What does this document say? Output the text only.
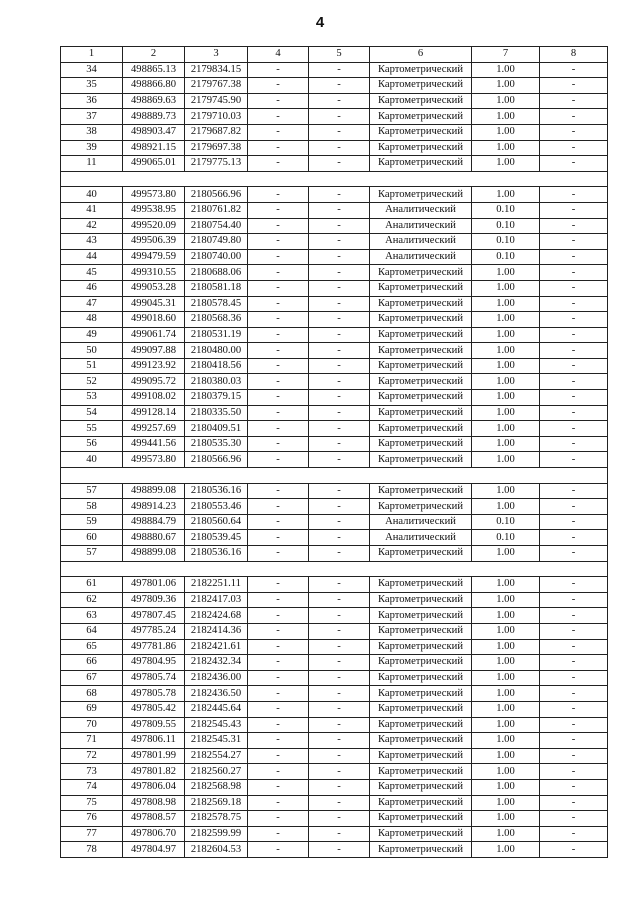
4
1	2	3	4	5	6	7	8
34	498865.13	2179834.15	-	-	Картометрический	1.00	-
35	498866.80	2179767.38	-	-	Картометрический	1.00	-
36	498869.63	2179745.90	-	-	Картометрический	1.00	-
37	498889.73	2179710.03	-	-	Картометрический	1.00	-
38	498903.47	2179687.82	-	-	Картометрический	1.00	-
39	498921.15	2179697.38	-	-	Картометрический	1.00	-
11	499065.01	2179775.13	-	-	Картометрический	1.00	-

40	499573.80	2180566.96	-	-	Картометрический	1.00	-
41	499538.95	2180761.82	-	-	Аналитический	0.10	-
42	499520.09	2180754.40	-	-	Аналитический	0.10	-
43	499506.39	2180749.80	-	-	Аналитический	0.10	-
44	499479.59	2180740.00	-	-	Аналитический	0.10	-
45	499310.55	2180688.06	-	-	Картометрический	1.00	-
46	499053.28	2180581.18	-	-	Картометрический	1.00	-
47	499045.31	2180578.45	-	-	Картометрический	1.00	-
48	499018.60	2180568.36	-	-	Картометрический	1.00	-
49	499061.74	2180531.19	-	-	Картометрический	1.00	-
50	499097.88	2180480.00	-	-	Картометрический	1.00	-
51	499123.92	2180418.56	-	-	Картометрический	1.00	-
52	499095.72	2180380.03	-	-	Картометрический	1.00	-
53	499108.02	2180379.15	-	-	Картометрический	1.00	-
54	499128.14	2180335.50	-	-	Картометрический	1.00	-
55	499257.69	2180409.51	-	-	Картометрический	1.00	-
56	499441.56	2180535.30	-	-	Картометрический	1.00	-
40	499573.80	2180566.96	-	-	Картометрический	1.00	-

57	498899.08	2180536.16	-	-	Картометрический	1.00	-
58	498914.23	2180553.46	-	-	Картометрический	1.00	-
59	498884.79	2180560.64	-	-	Аналитический	0.10	-
60	498880.67	2180539.45	-	-	Аналитический	0.10	-
57	498899.08	2180536.16	-	-	Картометрический	1.00	-

61	497801.06	2182251.11	-	-	Картометрический	1.00	-
62	497809.36	2182417.03	-	-	Картометрический	1.00	-
63	497807.45	2182424.68	-	-	Картометрический	1.00	-
64	497785.24	2182414.36	-	-	Картометрический	1.00	-
65	497781.86	2182421.61	-	-	Картометрический	1.00	-
66	497804.95	2182432.34	-	-	Картометрический	1.00	-
67	497805.74	2182436.00	-	-	Картометрический	1.00	-
68	497805.78	2182436.50	-	-	Картометрический	1.00	-
69	497805.42	2182445.64	-	-	Картометрический	1.00	-
70	497809.55	2182545.43	-	-	Картометрический	1.00	-
71	497806.11	2182545.31	-	-	Картометрический	1.00	-
72	497801.99	2182554.27	-	-	Картометрический	1.00	-
73	497801.82	2182560.27	-	-	Картометрический	1.00	-
74	497806.04	2182568.98	-	-	Картометрический	1.00	-
75	497808.98	2182569.18	-	-	Картометрический	1.00	-
76	497808.57	2182578.75	-	-	Картометрический	1.00	-
77	497806.70	2182599.99	-	-	Картометрический	1.00	-
78	497804.97	2182604.53	-	-	Картометрический	1.00	-
